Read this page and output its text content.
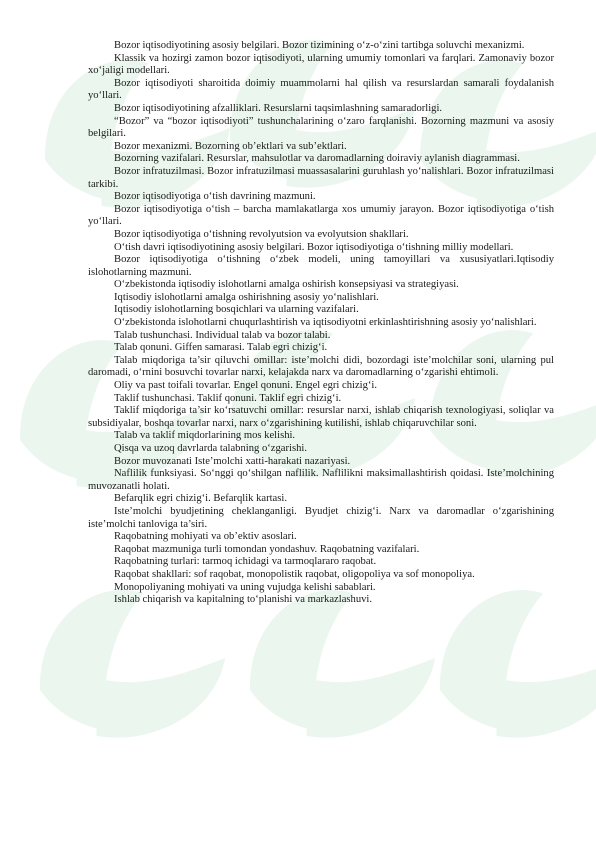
Bozor iqtisodiyotining asosiy belgilari. Bozor tizimining o‘z-o‘zini tartibga soluvchi mexanizmi.

Klassik va hozirgi zamon bozor iqtisodiyoti, ularning umumiy tomonlari va farqlari. Zamonaviy bozor xo‘jaligi modellari.

Bozor iqtisodiyoti sharoitida doimiy muammolarni hal qilish va resurslardan samarali foydalanish yo‘llari.

Bozor iqtisodiyotining afzalliklari. Resurslarni taqsimlashning samaradorligi.

“Bozor” va “bozor iqtisodiyoti” tushunchalarining o‘zaro farqlanishi. Bozorning mazmuni va asosiy belgilari.

Bozor mexanizmi. Bozorning ob’ektlari va sub’ektlari.

Bozorning vazifalari. Resurslar, mahsulotlar va daromadlarning doiraviy aylanish diagrammasi.

Bozor infratuzilmasi. Bozor infratuzilmasi muassasalarini guruhlash yo‘nalishlari. Bozor infratuzilmasi tarkibi.

Bozor iqtisodiyotiga o‘tish davrining mazmuni.

Bozor iqtisodiyotiga o‘tish – barcha mamlakatlarga xos umumiy jarayon. Bozor iqtisodiyotiga o‘tish yo‘llari.

Bozor iqtisodiyotiga o‘tishning revolyutsion va evolyutsion shakllari.

O‘tish davri iqtisodiyotining asosiy belgilari. Bozor iqtisodiyotiga o‘tishning milliy modellari.

Bozor iqtisodiyotiga o‘tishning o‘zbek modeli, uning tamoyillari va xususiyatlari.Iqtisodiy islohotlarning mazmuni.

O‘zbekistonda iqtisodiy islohotlarni amalga oshirish konsepsiyasi va strategiyasi.

Iqtisodiy islohotlarni amalga oshirishning asosiy yo‘nalishlari.

Iqtisodiy islohotlarning bosqichlari va ularning vazifalari.

O‘zbekistonda islohotlarni chuqurlashtirish va iqtisodiyotni erkinlashtirishning asosiy yo‘nalishlari.

Talab tushunchasi. Individual talab va bozor talabi.

Talab qonuni. Giffen samarasi. Talab egri chizig‘i.

Talab miqdoriga ta’sir qiluvchi omillar: iste’molchi didi, bozordagi iste’molchilar soni, ularning pul daromadi, o‘rnini bosuvchi tovarlar narxi, kelajakda narx va daromadlarning o‘zgarishi ehtimoli.

Oliy va past toifali tovarlar. Engel qonuni. Engel egri chizig‘i.

Taklif tushunchasi. Taklif qonuni. Taklif egri chizig‘i.

Taklif miqdoriga ta’sir ko‘rsatuvchi omillar: resurslar narxi, ishlab chiqarish texnologiyasi, soliqlar va subsidiyalar, boshqa tovarlar narxi, narx o‘zgarishining kutilishi, ishlab chiqaruvchilar soni.

Talab va taklif miqdorlarining mos kelishi.

Qisqa va uzoq davrlarda talabning o‘zgarishi.

Bozor muvozanati Iste’molchi xatti-harakati nazariyasi.

Naflilik funksiyasi. So‘nggi qo‘shilgan naflilik. Naflilikni maksimallashtirish qoidasi. Iste’molchining muvozanatli holati.

Befarqlik egri chizig‘i. Befarqlik kartasi.

Iste’molchi byudjetining cheklanganligi. Byudjet chizig‘i. Narx va daromadlar o‘zgarishining iste’molchi tanloviga ta’siri.

Raqobatning mohiyati va ob’ektiv asoslari.

Raqobat mazmuniga turli tomondan yondashuv. Raqobatning vazifalari.

Raqobatning turlari: tarmoq ichidagi va tarmoqlararo raqobat.

Raqobat shakllari: sof raqobat, monopolistik raqobat, oligopoliya va sof monopoliya.

Monopoliyaning mohiyati va uning vujudga kelishi sabablari.

Ishlab chiqarish va kapitalning to‘planishi va markazlashuvi.
